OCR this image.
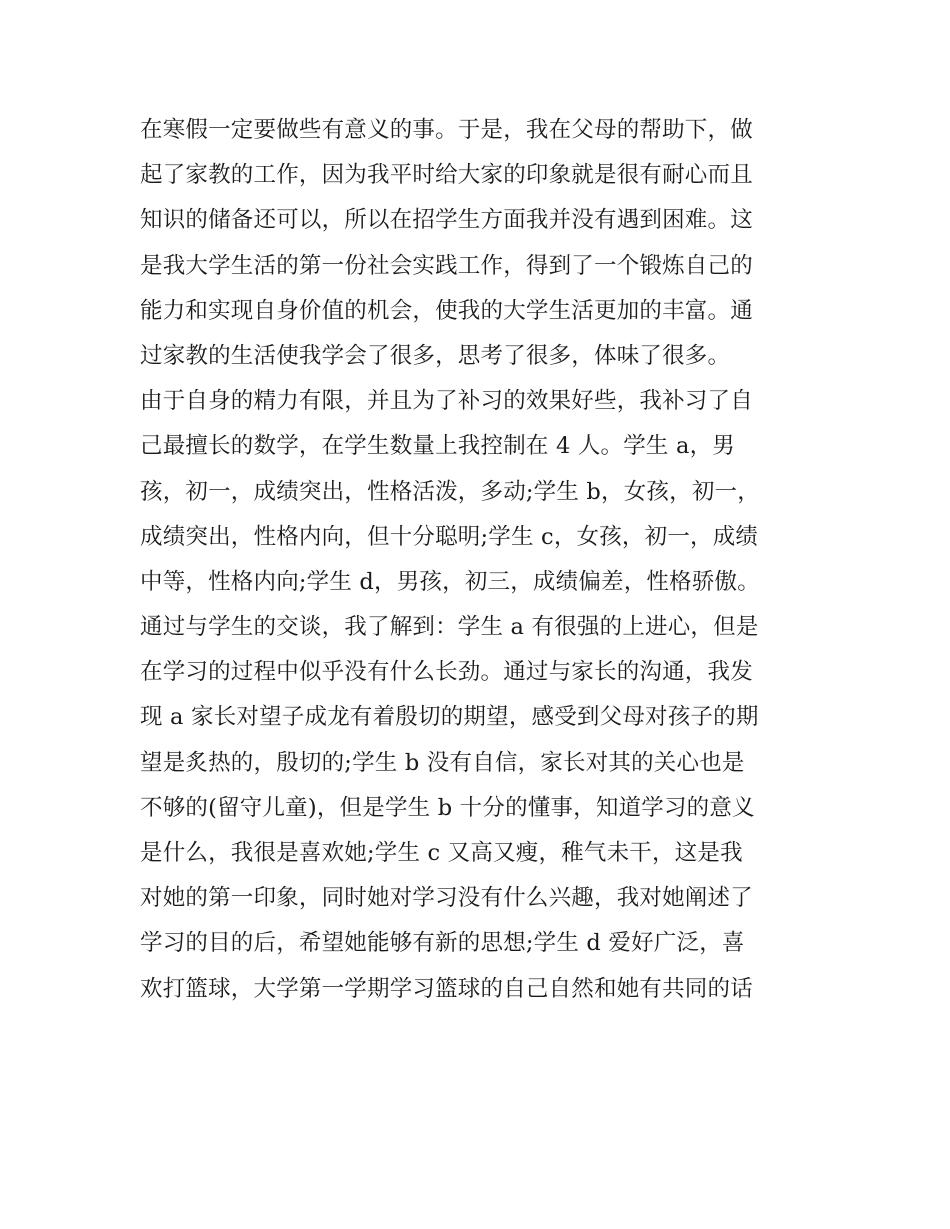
在寒假一定要做些有意义的事。于是，我在父母的帮助下，做
起了家教的工作，因为我平时给大家的印象就是很有耐心而且
知识的储备还可以，所以在招学生方面我并没有遇到困难。这
是我大学生活的第一份社会实践工作，得到了一个锻炼自己的
能力和实现自身价值的机会，使我的大学生活更加的丰富。通
过家教的生活使我学会了很多，思考了很多，体味了很多。
由于自身的精力有限，并且为了补习的效果好些，我补习了自
己最擅长的数学，在学生数量上我控制在 4 人。学生 a，男
孩，初一，成绩突出，性格活泼，多动;学生 b，女孩，初一，
成绩突出，性格内向，但十分聪明;学生 c，女孩，初一，成绩
中等，性格内向;学生 d，男孩，初三，成绩偏差，性格骄傲。
通过与学生的交谈，我了解到：学生 a 有很强的上进心，但是
在学习的过程中似乎没有什么长劲。通过与家长的沟通，我发
现 a 家长对望子成龙有着殷切的期望，感受到父母对孩子的期
望是炙热的，殷切的;学生 b 没有自信，家长对其的关心也是
不够的(留守儿童)，但是学生 b 十分的懂事，知道学习的意义
是什么，我很是喜欢她;学生 c 又高又瘦，稚气未干，这是我
对她的第一印象，同时她对学习没有什么兴趣，我对她阐述了
学习的目的后，希望她能够有新的思想;学生 d 爱好广泛，喜
欢打篮球，大学第一学期学习篮球的自己自然和她有共同的话
